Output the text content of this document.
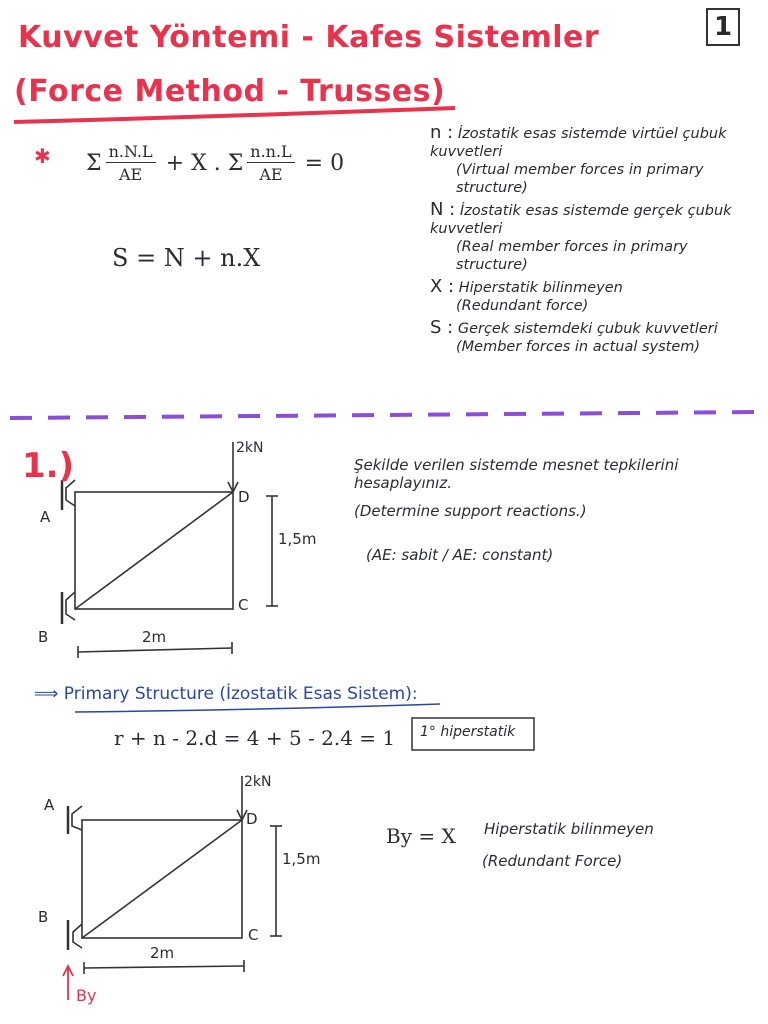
1
Kuvvet Yöntemi - Kafes Sistemler
(Force Method - Trusses)
✱ Σ $\frac{n.N.L}{AE} + X$ . Σ $\frac{n.n.L}{AE} = 0$
S = N + n.X
n : İzostatik esas sistemde virtüel çubuk kuvvetleri
(Virtual member forces in primary structure)
N : İzostatik esas sistemde gerçek çubuk kuvvetleri
(Real member forces in primary structure)
X : Hiperstatik bilinmeyen
(Redundant force)
S : Gerçek sistemdeki çubuk kuvvetleri
(Member forces in actual system)
1.)	Şekilde verilen sistemde mesnet tepkilerini hesaplayınız.
(Determine support reactions.)
(AE: sabit / AE: constant)
2kN
A
B
C
D
1,5m
2m
⟹ Primary Structure (İzostatik Esas Sistem):
r + n - 2.d = 4 + 5 - 2.4 = 1 1° hiperstatik
2kN
A
B
C
D
1,5m
2m
By
By = X Hiperstatik bilinmeyen
(Redundant Force)
